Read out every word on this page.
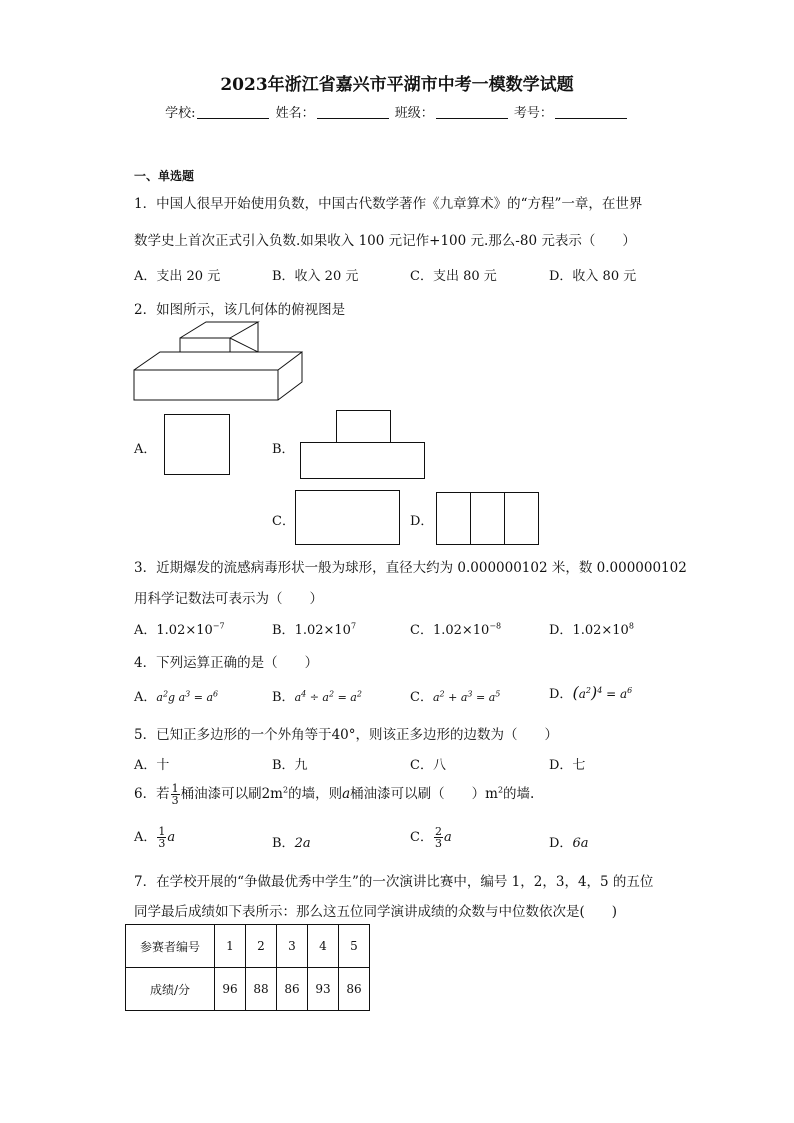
2023年浙江省嘉兴市平湖市中考一模数学试题
学校:	姓名：	班级：	考号：
一、单选题
1．中国人很早开始使用负数，中国古代数学著作《九章算术》的“方程”一章，在世界
数学史上首次正式引入负数.如果收入 100 元记作+100 元.那么-80 元表示（　　）
A．支出 20 元	B．收入 20 元	C．支出 80 元	D．收入 80 元
2．如图所示，该几何体的俯视图是
A．	B．
C．	D．
3．近期爆发的流感病毒形状一般为球形，直径大约为 0.000000102 米，数 0.000000102
用科学记数法可表示为（　　）
A．$1.02\times 10^{-7}$	B．$1.02\times 10^7$	C．$1.02\times 10^{-8}$	D．$1.02\times 10^8$
4．下列运算正确的是（　　）
A．$a^2g$ $a^3 = a^6$	B．$a^4 \div a^2 = a^2$	C．$a^2 + a^3 = a^5$	D．$(a^2)^4 = a^6$
5．已知正多边形的一个外角等于40°，则该正多边形的边数为（　　）
A．十	B．九	C．八	D．七
6．若 $\frac{1}{3}$ 桶油漆可以刷$2m^2$的墙，则a桶油漆可以刷（　　）$m^2$的墙.
A． $\frac{1}{3}$ a	B．2a	C． $\frac{2}{3}$ a	D．6a
7．在学校开展的“争做最优秀中学生”的一次演讲比赛中，编号 1，2，3，4，5 的五位
同学最后成绩如下表所示：那么这五位同学演讲成绩的众数与中位数依次是(　　)
参赛者编号	1	2	3	4	5
成绩/分	96	88	86	93	86
